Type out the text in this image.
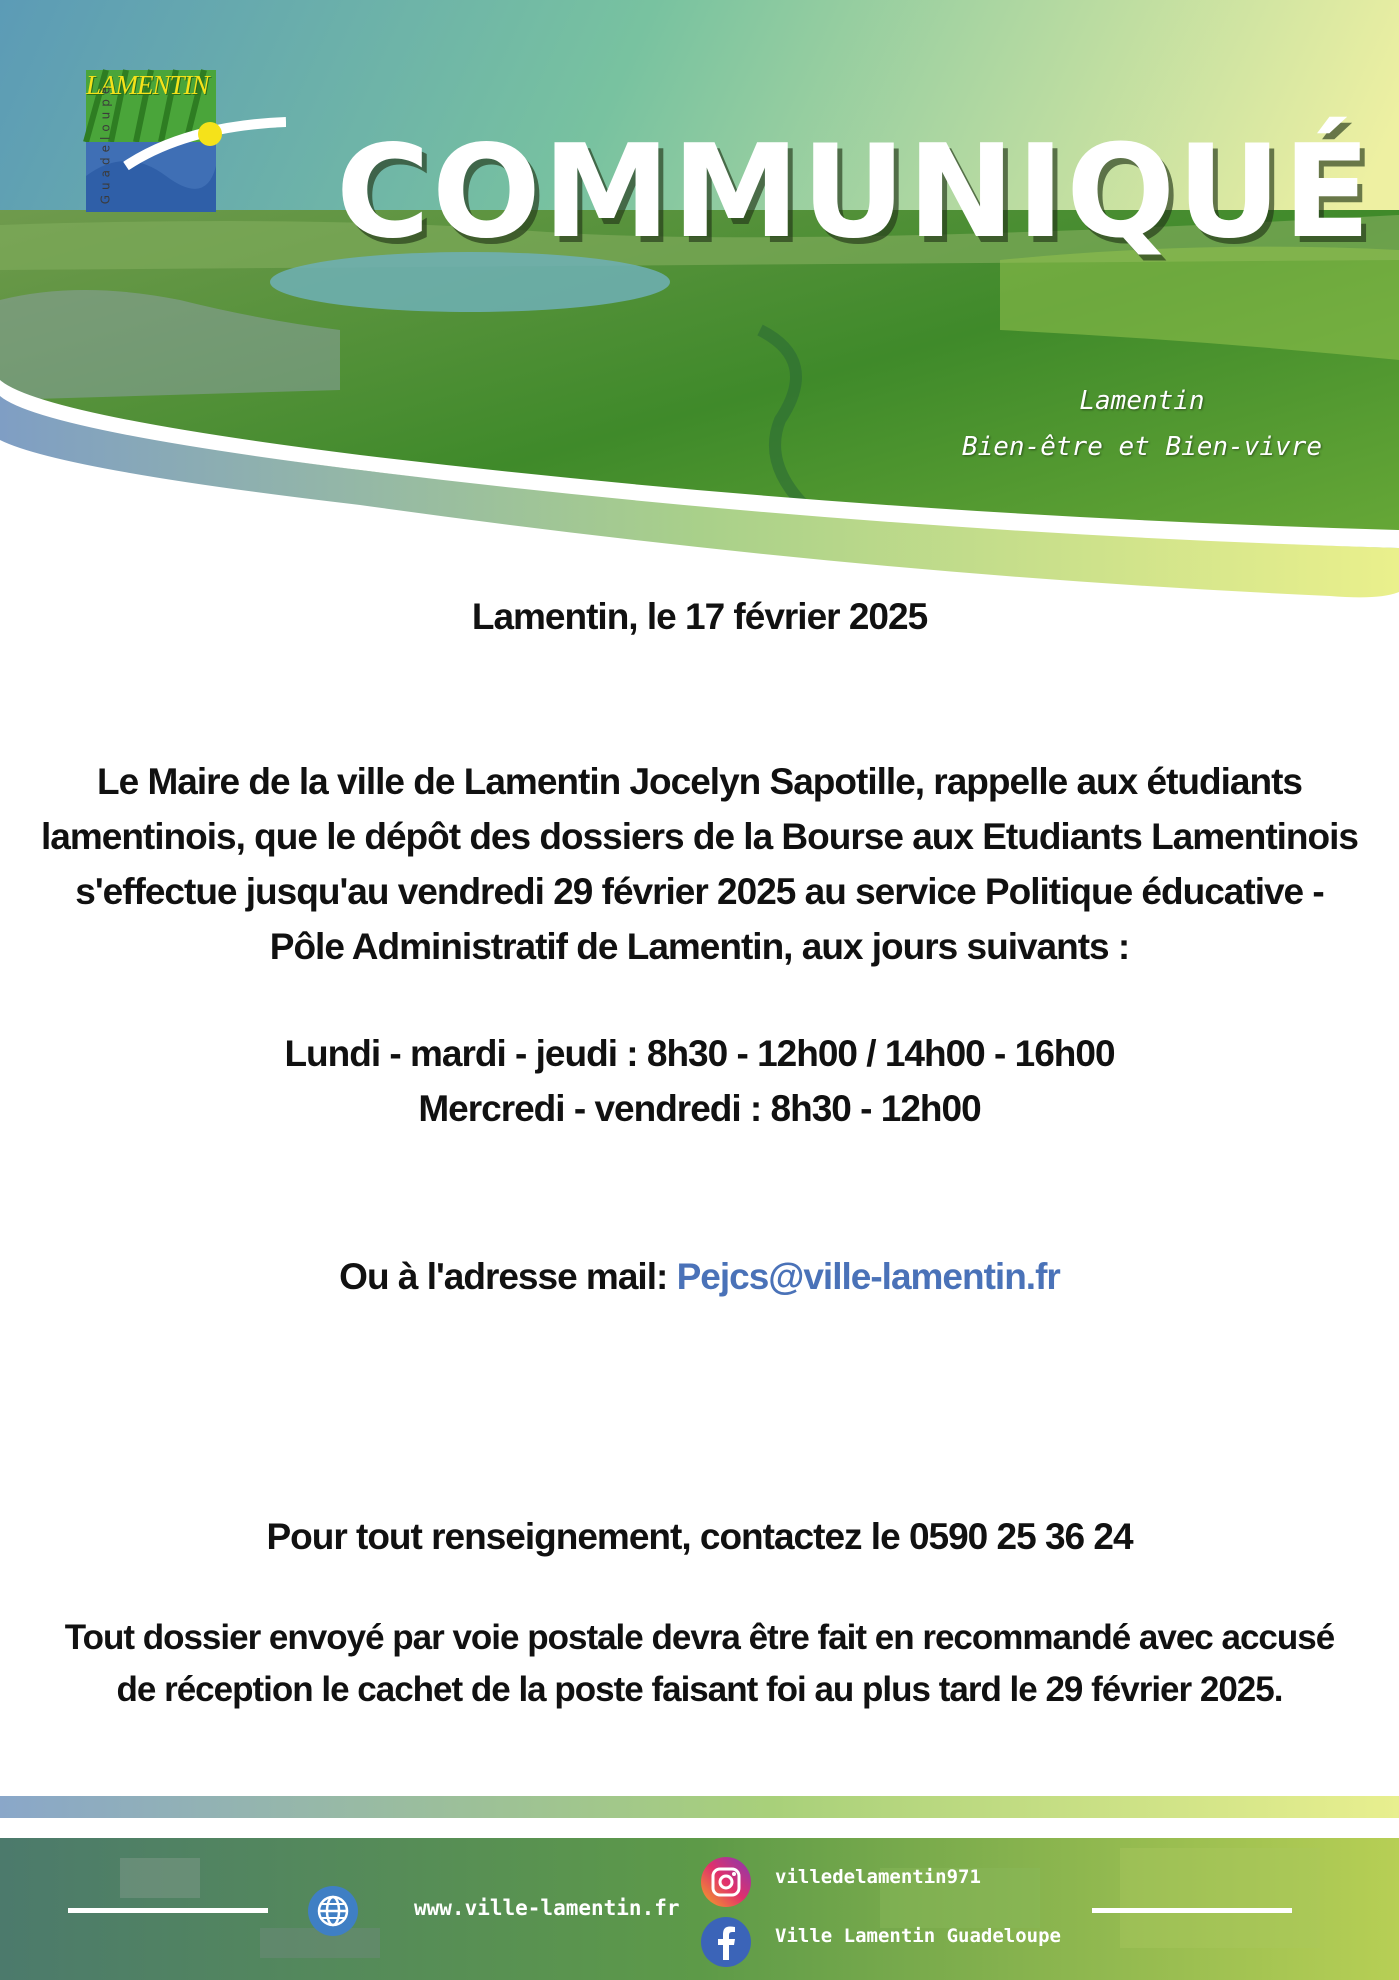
LAMENTIN
Guadeloupe COMMUNIQUÉ
Lamentin
Bien-être et Bien-vivre

Lamentin, le 17 février 2025

Le Maire de la ville de Lamentin Jocelyn Sapotille, rappelle aux étudiants
lamentinois, que le dépôt des dossiers de la Bourse aux Etudiants Lamentinois
s'effectue jusqu'au vendredi 29 février 2025 au service Politique éducative -
Pôle Administratif de Lamentin, aux jours suivants :
Lundi - mardi - jeudi : 8h30 - 12h00 / 14h00 - 16h00
Mercredi - vendredi : 8h30 - 12h00

Ou à l'adresse mail: Pejcs@ville-lamentin.fr

Pour tout renseignement, contactez le 0590 25 36 24

Tout dossier envoyé par voie postale devra être fait en recommandé avec accusé
de réception le cachet de la poste faisant foi au plus tard le 29 février 2025.
www.ville-lamentin.fr
villedelamentin971
Ville Lamentin Guadeloupe
